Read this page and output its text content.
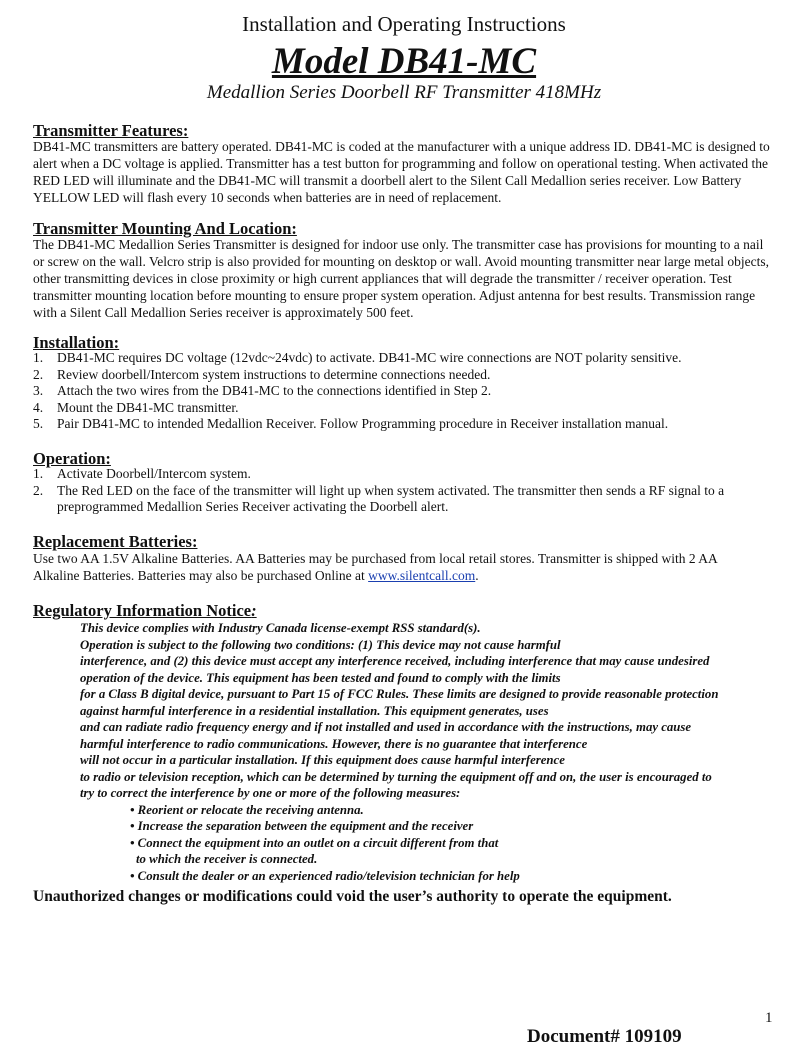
Installation and Operating Instructions
Model DB41-MC
Medallion Series Doorbell RF Transmitter 418MHz
Transmitter Features:
DB41-MC transmitters are battery operated. DB41-MC is coded at the manufacturer with a unique address ID. DB41-MC is designed to alert when a DC voltage is applied. Transmitter has a test button for programming and follow on operational testing. When activated the RED LED will illuminate and the DB41-MC will transmit a doorbell alert to the Silent Call Medallion series receiver. Low Battery YELLOW LED will flash every 10 seconds when batteries are in need of replacement.
Transmitter Mounting And Location:
The DB41-MC Medallion Series Transmitter is designed for indoor use only. The transmitter case has provisions for mounting to a nail or screw on the wall. Velcro strip is also provided for mounting on desktop or wall. Avoid mounting transmitter near large metal objects, other transmitting devices in close proximity or high current appliances that will degrade the transmitter / receiver operation. Test transmitter mounting location before mounting to ensure proper system operation. Adjust antenna for best results. Transmission range with a Silent Call Medallion Series receiver is approximately 500 feet.
Installation:
1. DB41-MC requires DC voltage (12vdc~24vdc) to activate. DB41-MC wire connections are NOT polarity sensitive.
2. Review doorbell/Intercom system instructions to determine connections needed.
3. Attach the two wires from the DB41-MC to the connections identified in Step 2.
4. Mount the DB41-MC transmitter.
5. Pair DB41-MC to intended Medallion Receiver. Follow Programming procedure in Receiver installation manual.
Operation:
1. Activate Doorbell/Intercom system.
2. The Red LED on the face of the transmitter will light up when system activated. The transmitter then sends a RF signal to a preprogrammed Medallion Series Receiver activating the Doorbell alert.
Replacement Batteries:
Use two AA 1.5V Alkaline Batteries. AA Batteries may be purchased from local retail stores. Transmitter is shipped with 2 AA
Alkaline Batteries. Batteries may also be purchased Online at www.silentcall.com.
Regulatory Information Notice:
This device complies with Industry Canada license-exempt RSS standard(s).
Operation is subject to the following two conditions: (1) This device may not cause harmful
interference, and (2) this device must accept any interference received, including interference that may cause undesired
operation of the device. This equipment has been tested and found to comply with the limits
for a Class B digital device, pursuant to Part 15 of FCC Rules. These limits are designed to provide reasonable protection
against harmful interference in a residential installation. This equipment generates, uses
and can radiate radio frequency energy and if not installed and used in accordance with the instructions, may cause
harmful interference to radio communications. However, there is no guarantee that interference
will not occur in a particular installation. If this equipment does cause harmful interference
to radio or television reception, which can be determined by turning the equipment off and on, the user is encouraged to
try to correct the interference by one or more of the following measures:
• Reorient or relocate the receiving antenna.
• Increase the separation between the equipment and the receiver
• Connect the equipment into an outlet on a circuit different from that
to which the receiver is connected.
• Consult the dealer or an experienced radio/television technician for help
Unauthorized changes or modifications could void the user’s authority to operate the equipment.
1
Document# 109109
